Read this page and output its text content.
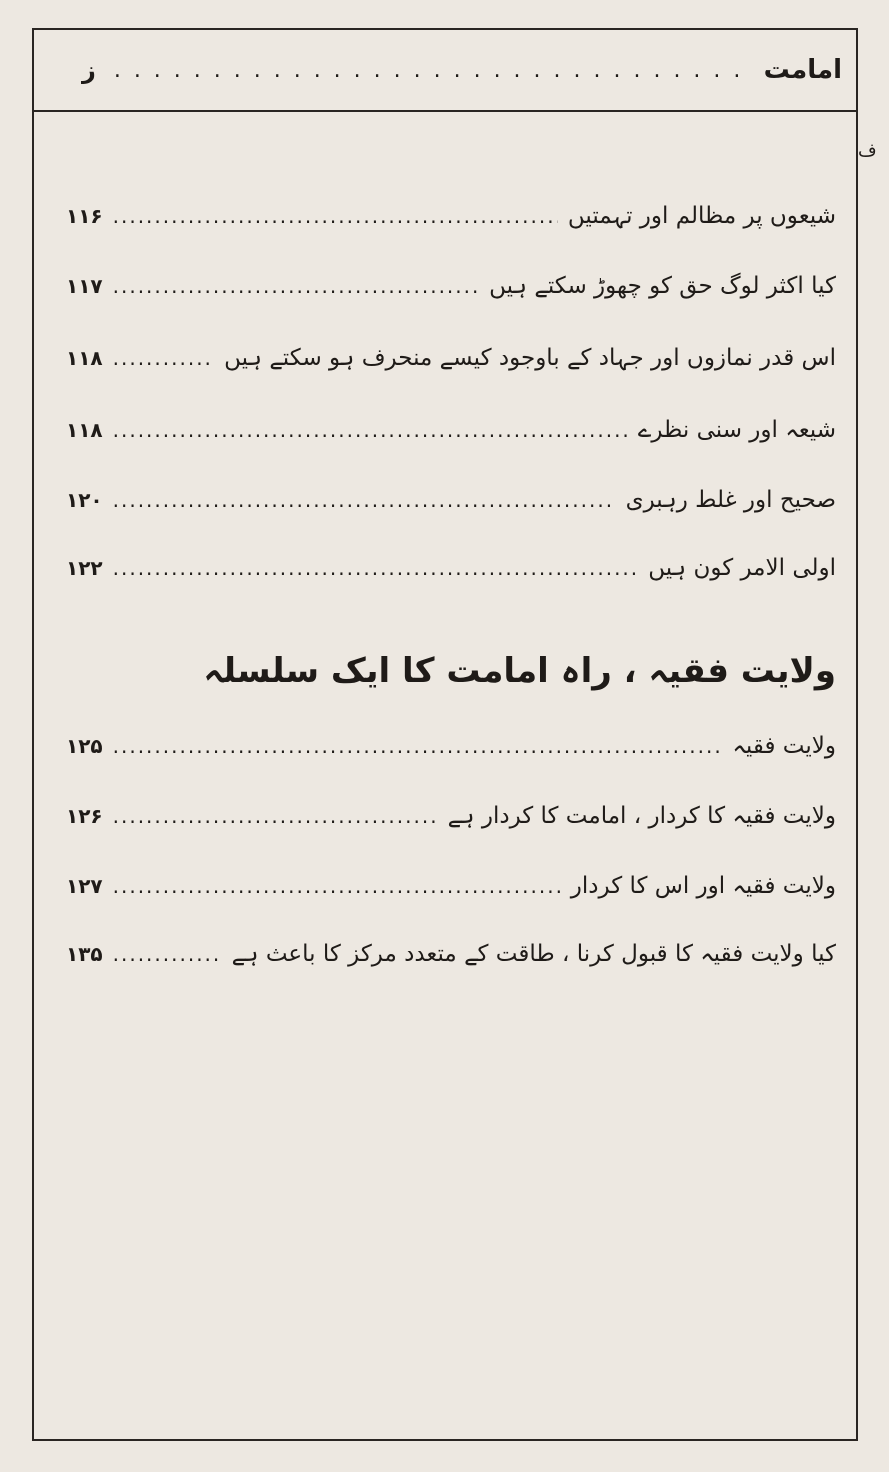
امامت
. . .
ز
شیعوں پر مظالم اور تہمتیں
.....
۱۱۶
کیا اکثر لوگ حق کو چھوڑ سکتے ہیں
.....
۱۱۷
اس قدر نمازوں اور جہاد کے باوجود کیسے منحرف ہو سکتے ہیں
.....
۱۱۸
شیعہ اور سنی نظرے
.....
۱۱۸
صحیح اور غلط رہبری
.....
۱۲۰
اولی الامر کون ہیں
.....
۱۲۲
ولایت فقیہ ، راہ امامت کا ایک سلسلہ
ولایت فقیہ
.....
۱۲۵
ولایت فقیہ کا کردار ، امامت کا کردار ہے
.....
۱۲۶
ولایت فقیہ اور اس کا کردار
.....
۱۲۷
کیا ولایت فقیہ کا قبول کرنا ، طاقت کے متعدد مرکز کا باعث ہے
.....
۱۳۵
ف
